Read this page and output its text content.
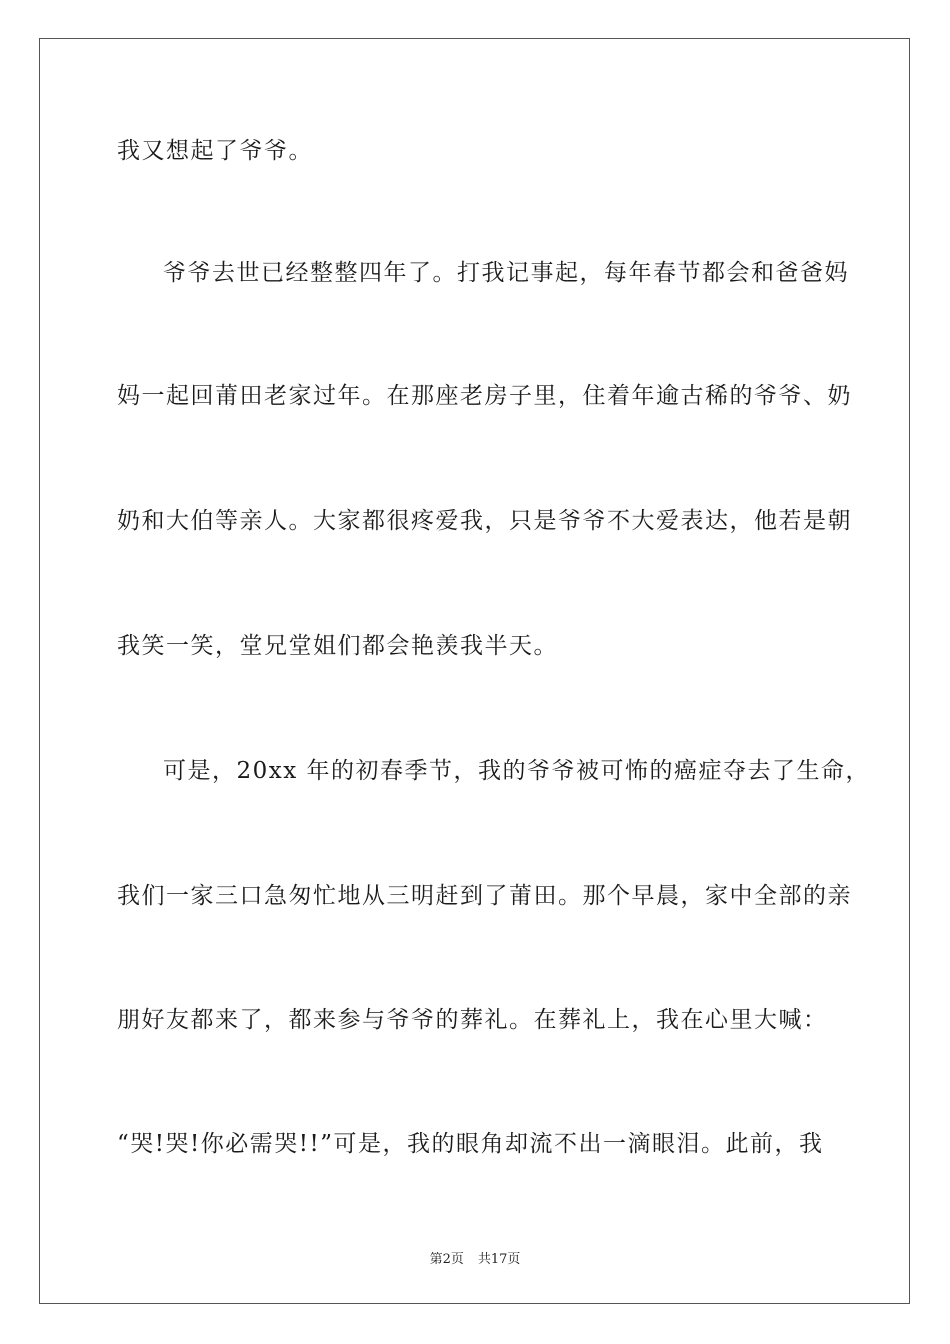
我又想起了爷爷。
爷爷去世已经整整四年了。打我记事起，每年春节都会和爸爸妈
妈一起回莆田老家过年。在那座老房子里，住着年逾古稀的爷爷、奶
奶和大伯等亲人。大家都很疼爱我，只是爷爷不大爱表达，他若是朝
我笑一笑，堂兄堂姐们都会艳羡我半天。
可是，20xx 年的初春季节，我的爷爷被可怖的癌症夺去了生命，
我们一家三口急匆忙地从三明赶到了莆田。那个早晨，家中全部的亲
朋好友都来了，都来参与爷爷的葬礼。在葬礼上，我在心里大喊：
“哭!哭!你必需哭!!”可是，我的眼角却流不出一滴眼泪。此前，我
第2页 共17页
